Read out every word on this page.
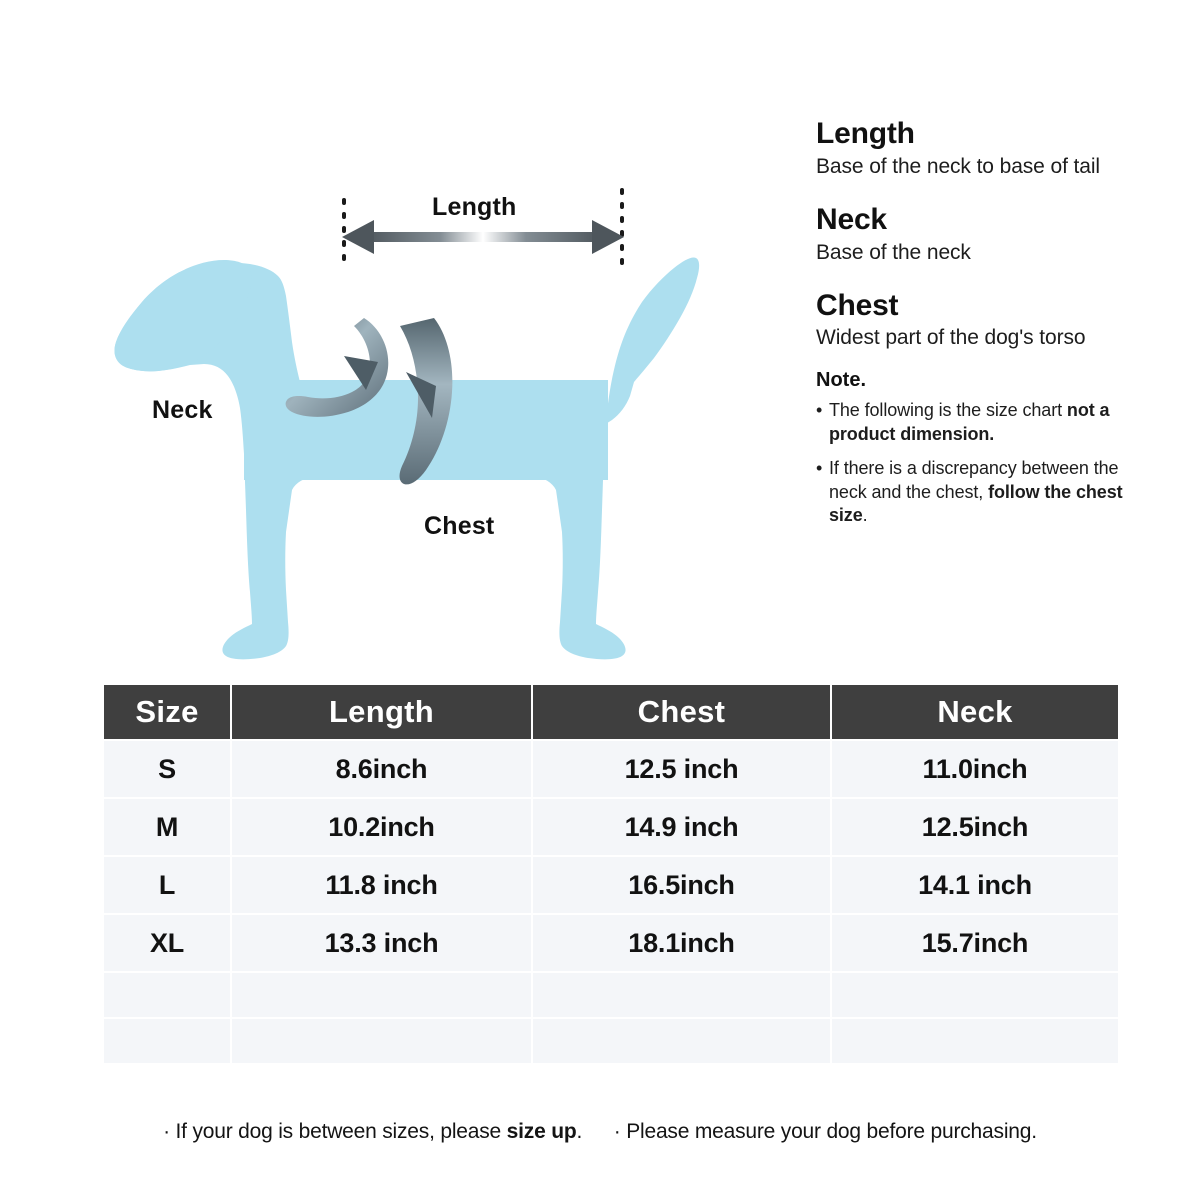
Length
Neck
Chest
Length

Base of the neck to base of tail

Neck

Base of the neck

Chest

Widest part of the dog's torso

Note.
• The following is the size chart not a product dimension.
• If there is a discrepancy between the neck and the chest, follow the chest size.
Size	Length	Chest	Neck
S	8.6inch	12.5 inch	11.0inch
M	10.2inch	14.9 inch	12.5inch
L	11.8 inch	16.5inch	14.1 inch
XL	13.3 inch	18.1inch	15.7inch

· If your dog is between sizes, please size up. · Please measure your dog before purchasing.
